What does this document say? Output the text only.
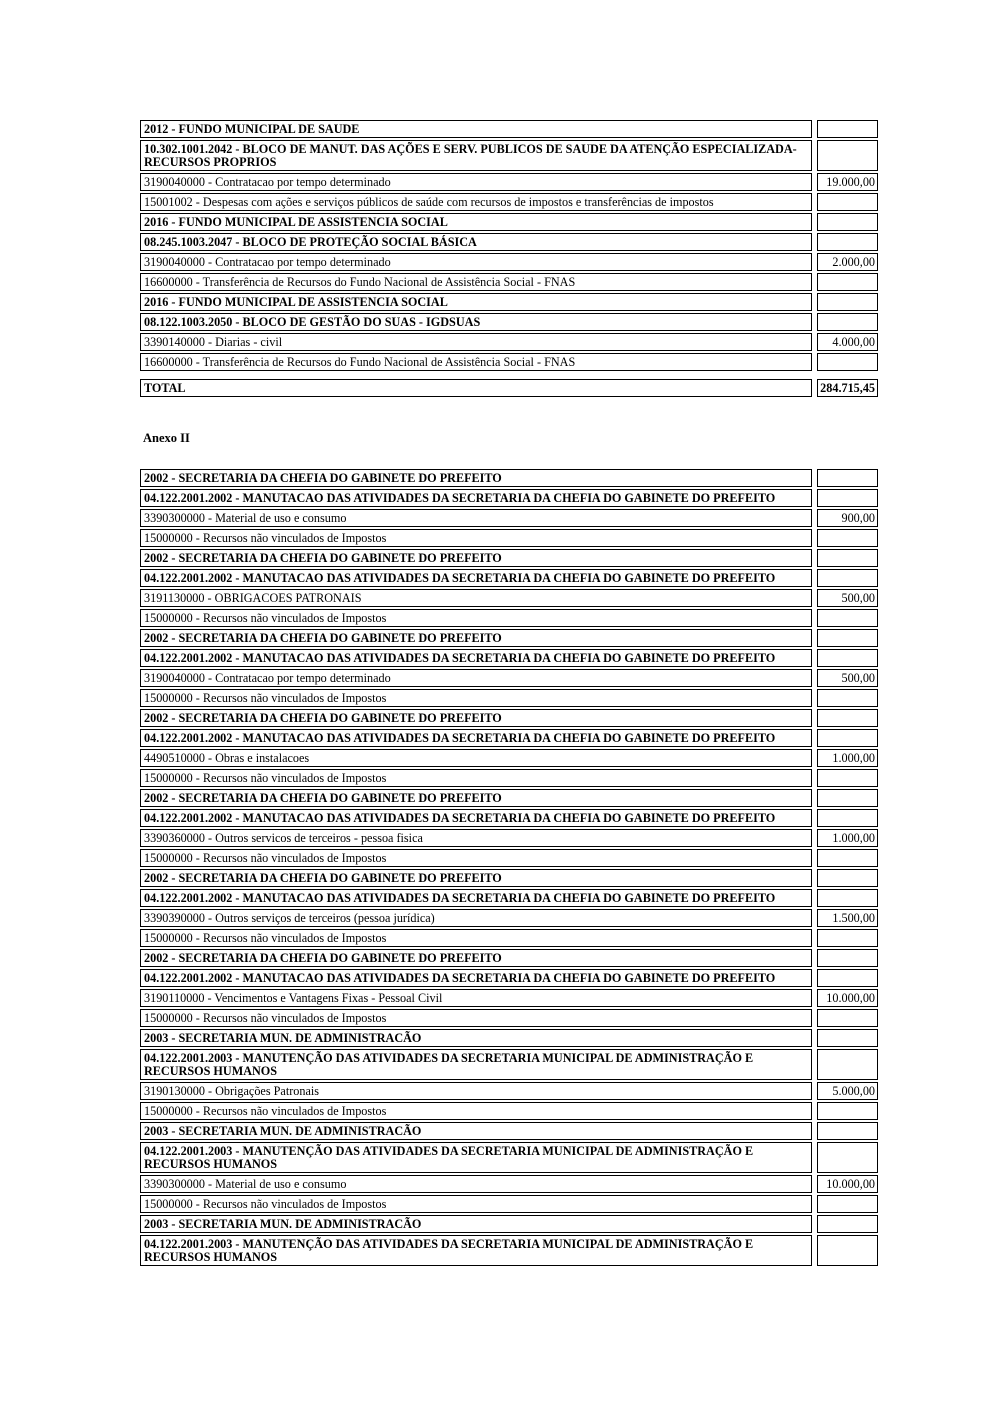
2012 - FUNDO MUNICIPAL DE SAUDE
10.302.1001.2042 - BLOCO DE MANUT. DAS AÇÕES E SERV. PUBLICOS DE SAUDE DA ATENÇÃO ESPECIALIZADA- RECURSOS PROPRIOS
3190040000 - Contratacao por tempo determinado	19.000,00
15001002 - Despesas com ações e serviços públicos de saúde com recursos de impostos e transferências de impostos
2016 - FUNDO MUNICIPAL DE ASSISTENCIA SOCIAL
08.245.1003.2047 - BLOCO DE PROTEÇÃO SOCIAL BÁSICA
3190040000 - Contratacao por tempo determinado	2.000,00
16600000 - Transferência de Recursos do Fundo Nacional de Assistência Social - FNAS
2016 - FUNDO MUNICIPAL DE ASSISTENCIA SOCIAL
08.122.1003.2050 - BLOCO DE GESTÃO DO SUAS - IGDSUAS
3390140000 - Diarias - civil	4.000,00
16600000 - Transferência de Recursos do Fundo Nacional de Assistência Social - FNAS
TOTAL	284.715,45
Anexo II
2002 - SECRETARIA DA CHEFIA DO GABINETE DO PREFEITO
04.122.2001.2002 - MANUTACAO DAS ATIVIDADES DA SECRETARIA DA CHEFIA DO GABINETE DO PREFEITO
3390300000 - Material de uso e consumo	900,00
15000000 - Recursos não vinculados de Impostos
2002 - SECRETARIA DA CHEFIA DO GABINETE DO PREFEITO
04.122.2001.2002 - MANUTACAO DAS ATIVIDADES DA SECRETARIA DA CHEFIA DO GABINETE DO PREFEITO
3191130000 - OBRIGACOES PATRONAIS	500,00
15000000 - Recursos não vinculados de Impostos
2002 - SECRETARIA DA CHEFIA DO GABINETE DO PREFEITO
04.122.2001.2002 - MANUTACAO DAS ATIVIDADES DA SECRETARIA DA CHEFIA DO GABINETE DO PREFEITO
3190040000 - Contratacao por tempo determinado	500,00
15000000 - Recursos não vinculados de Impostos
2002 - SECRETARIA DA CHEFIA DO GABINETE DO PREFEITO
04.122.2001.2002 - MANUTACAO DAS ATIVIDADES DA SECRETARIA DA CHEFIA DO GABINETE DO PREFEITO
4490510000 - Obras e instalacoes	1.000,00
15000000 - Recursos não vinculados de Impostos
2002 - SECRETARIA DA CHEFIA DO GABINETE DO PREFEITO
04.122.2001.2002 - MANUTACAO DAS ATIVIDADES DA SECRETARIA DA CHEFIA DO GABINETE DO PREFEITO
3390360000 - Outros servicos de terceiros - pessoa fisica	1.000,00
15000000 - Recursos não vinculados de Impostos
2002 - SECRETARIA DA CHEFIA DO GABINETE DO PREFEITO
04.122.2001.2002 - MANUTACAO DAS ATIVIDADES DA SECRETARIA DA CHEFIA DO GABINETE DO PREFEITO
3390390000 - Outros serviços de terceiros (pessoa jurídica)	1.500,00
15000000 - Recursos não vinculados de Impostos
2002 - SECRETARIA DA CHEFIA DO GABINETE DO PREFEITO
04.122.2001.2002 - MANUTACAO DAS ATIVIDADES DA SECRETARIA DA CHEFIA DO GABINETE DO PREFEITO
3190110000 - Vencimentos e Vantagens Fixas - Pessoal Civil	10.000,00
15000000 - Recursos não vinculados de Impostos
2003 - SECRETARIA MUN. DE ADMINISTRACÃO
04.122.2001.2003 - MANUTENÇÃO DAS ATIVIDADES DA SECRETARIA MUNICIPAL DE ADMINISTRAÇÃO E RECURSOS HUMANOS
3190130000 - Obrigações Patronais	5.000,00
15000000 - Recursos não vinculados de Impostos
2003 - SECRETARIA MUN. DE ADMINISTRACÃO
04.122.2001.2003 - MANUTENÇÃO DAS ATIVIDADES DA SECRETARIA MUNICIPAL DE ADMINISTRAÇÃO E RECURSOS HUMANOS
3390300000 - Material de uso e consumo	10.000,00
15000000 - Recursos não vinculados de Impostos
2003 - SECRETARIA MUN. DE ADMINISTRACÃO
04.122.2001.2003 - MANUTENÇÃO DAS ATIVIDADES DA SECRETARIA MUNICIPAL DE ADMINISTRAÇÃO E RECURSOS HUMANOS
